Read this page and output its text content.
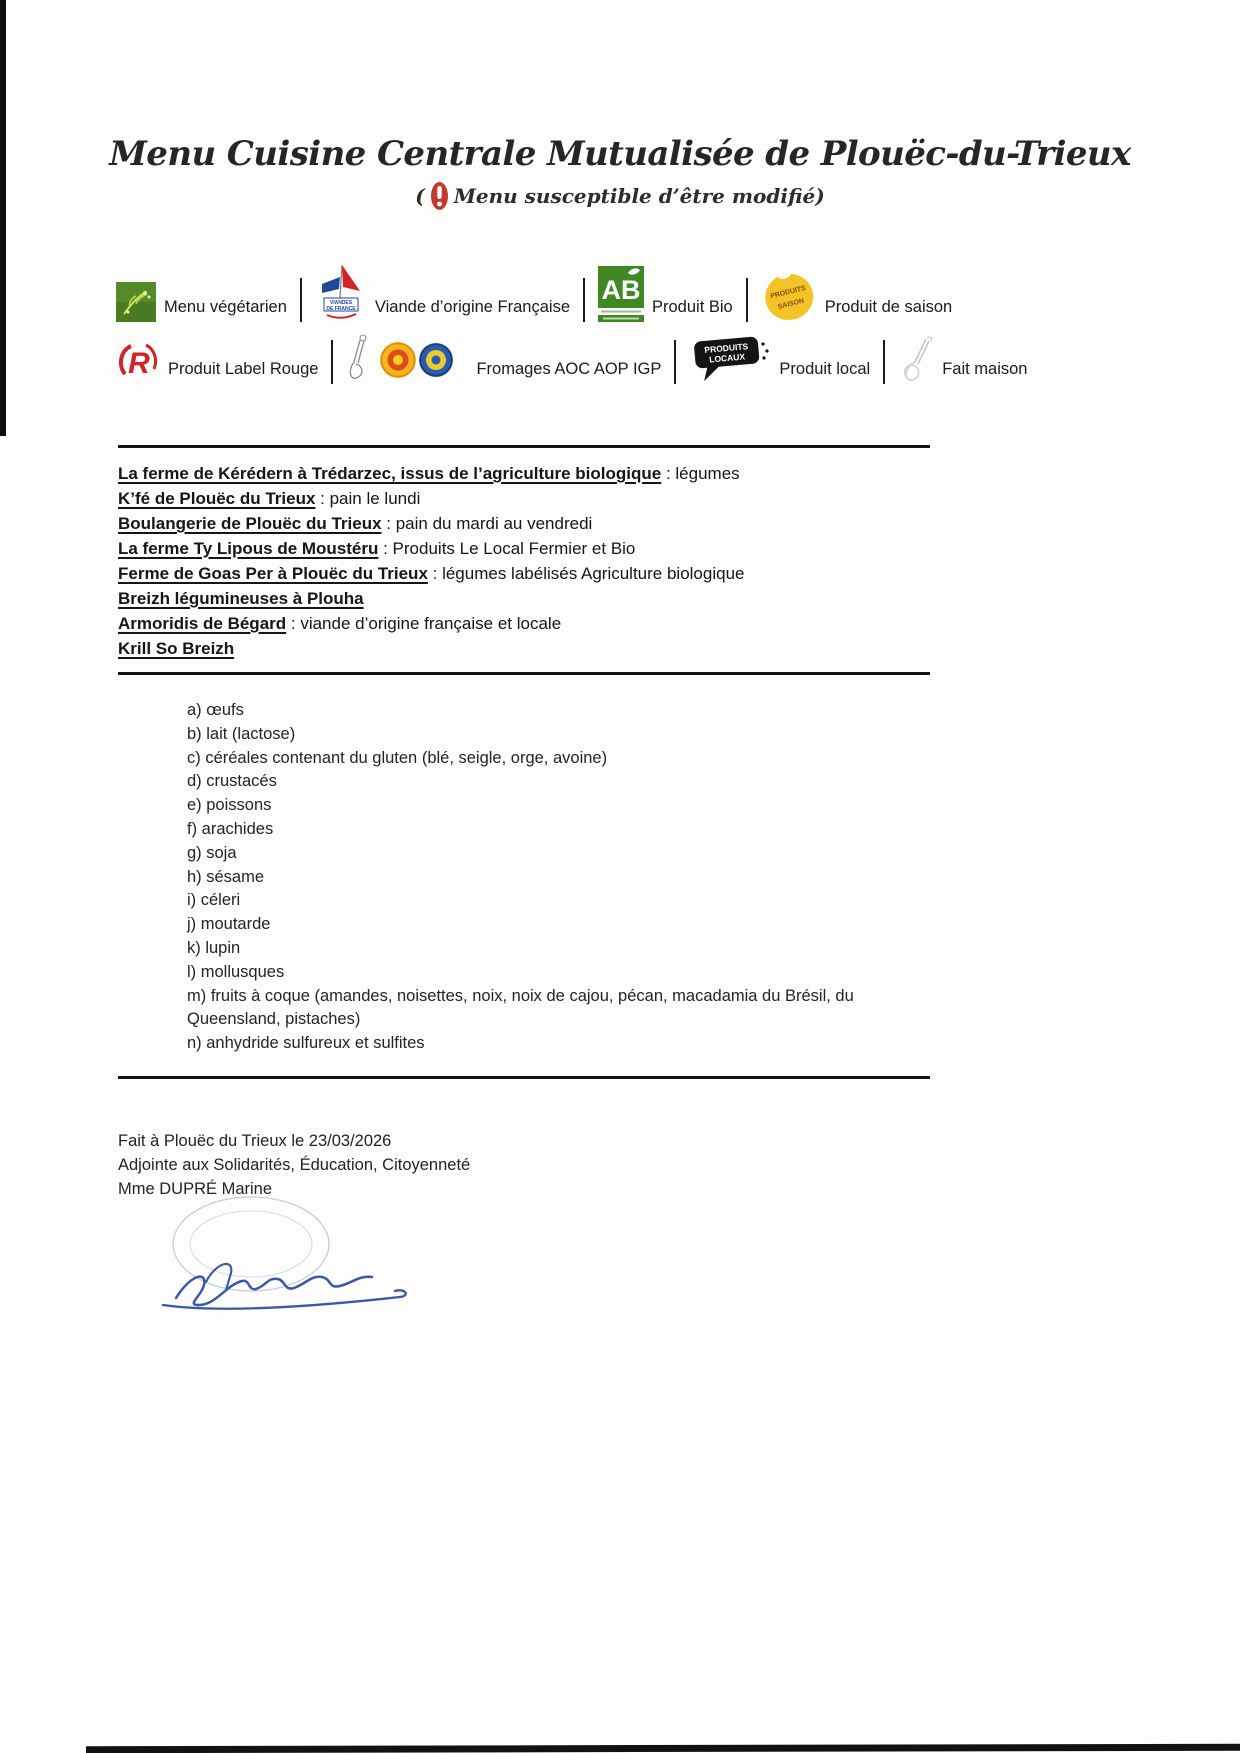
Menu Cuisine Centrale Mutualisée de Plouëc-du-Trieux
( Menu susceptible d’être modifié)
Menu végétarien	VIANDES
DE FRANCE Viande d’origine Française
AB
Produit Bio
PRODUITS
SAISON Produit de saison
R Produit Label Rouge	Fromages AOC AOP IGP
PRODUITS
LOCAUX
Produit local	Fait maison
La ferme de Kérédern à Trédarzec, issus de l’agriculture biologique : légumes
K’fé de Plouëc du Trieux : pain le lundi
Boulangerie de Plouëc du Trieux : pain du mardi au vendredi
La ferme Ty Lipous de Moustéru : Produits Le Local Fermier et Bio
Ferme de Goas Per à Plouëc du Trieux : légumes labélisés Agriculture biologique
Breizh légumineuses à Plouha
Armoridis de Bégard : viande d’origine française et locale
Krill So Breizh
a) œufs
b) lait (lactose)
c) céréales contenant du gluten (blé, seigle, orge, avoine)
d) crustacés
e) poissons
f) arachides
g) soja
h) sésame
i) céleri
j) moutarde
k) lupin
l) mollusques
m) fruits à coque (amandes, noisettes, noix, noix de cajou, pécan, macadamia du Brésil, du Queensland, pistaches)
n) anhydride sulfureux et sulfites
Fait à Plouëc du Trieux le 23/03/2026
Adjointe aux Solidarités, Éducation, Citoyenneté
Mme DUPRÉ Marine
